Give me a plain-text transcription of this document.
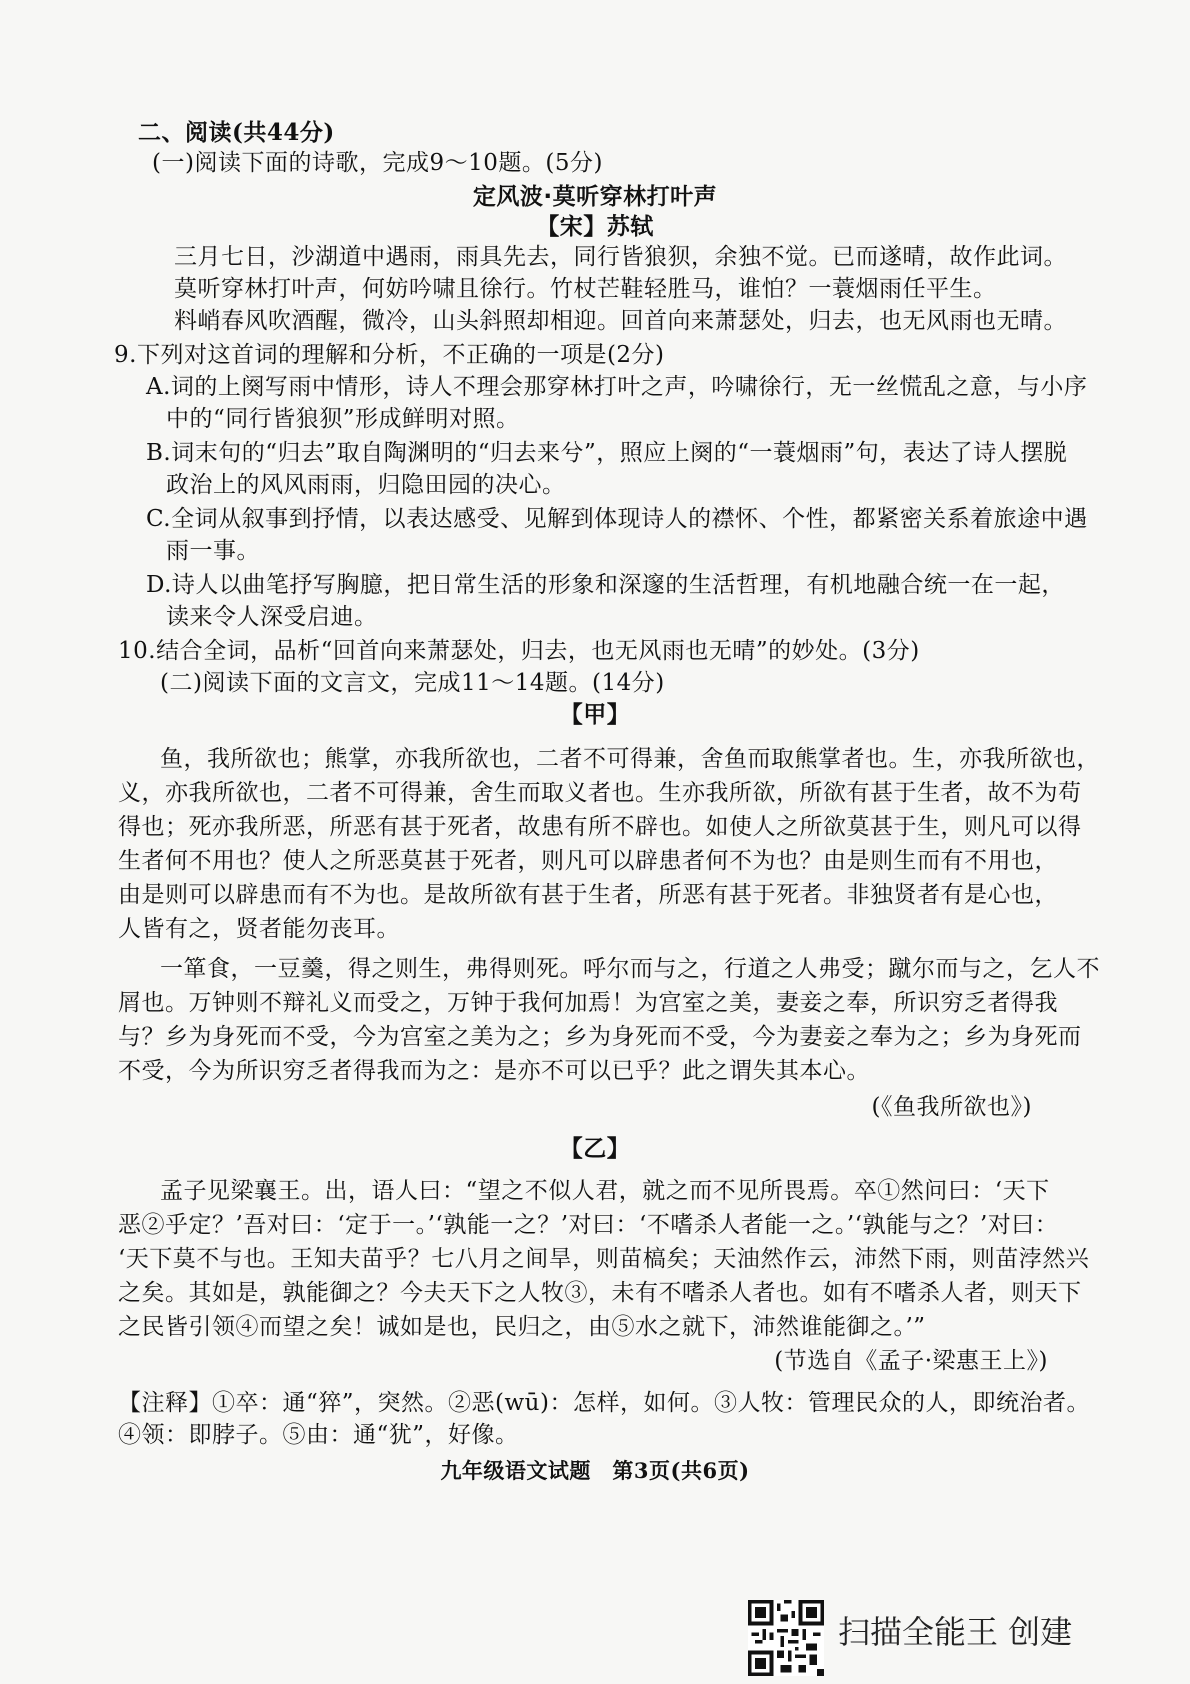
二、阅读(共44分)
(一)阅读下面的诗歌，完成9～10题。(5分)
定风波·莫听穿林打叶声
【宋】苏轼
三月七日，沙湖道中遇雨，雨具先去，同行皆狼狈，余独不觉。已而遂晴，故作此词。
莫听穿林打叶声，何妨吟啸且徐行。竹杖芒鞋轻胜马，谁怕？一蓑烟雨任平生。
料峭春风吹酒醒，微冷，山头斜照却相迎。回首向来萧瑟处，归去，也无风雨也无晴。
9.下列对这首词的理解和分析，不正确的一项是(2分)
A.词的上阕写雨中情形，诗人不理会那穿林打叶之声，吟啸徐行，无一丝慌乱之意，与小序
中的“同行皆狼狈”形成鲜明对照。
B.词末句的“归去”取自陶渊明的“归去来兮”，照应上阕的“一蓑烟雨”句，表达了诗人摆脱
政治上的风风雨雨，归隐田园的决心。
C.全词从叙事到抒情，以表达感受、见解到体现诗人的襟怀、个性，都紧密关系着旅途中遇
雨一事。
D.诗人以曲笔抒写胸臆，把日常生活的形象和深邃的生活哲理，有机地融合统一在一起，
读来令人深受启迪。
10.结合全词，品析“回首向来萧瑟处，归去，也无风雨也无晴”的妙处。(3分)
(二)阅读下面的文言文，完成11～14题。(14分)
【甲】
鱼，我所欲也；熊掌，亦我所欲也，二者不可得兼，舍鱼而取熊掌者也。生，亦我所欲也，
义，亦我所欲也，二者不可得兼，舍生而取义者也。生亦我所欲，所欲有甚于生者，故不为苟
得也；死亦我所恶，所恶有甚于死者，故患有所不辟也。如使人之所欲莫甚于生，则凡可以得
生者何不用也？使人之所恶莫甚于死者，则凡可以辟患者何不为也？由是则生而有不用也，
由是则可以辟患而有不为也。是故所欲有甚于生者，所恶有甚于死者。非独贤者有是心也，
人皆有之，贤者能勿丧耳。
一箪食，一豆羹，得之则生，弗得则死。呼尔而与之，行道之人弗受；蹴尔而与之，乞人不
屑也。万钟则不辩礼义而受之，万钟于我何加焉！为宫室之美，妻妾之奉，所识穷乏者得我
与？乡为身死而不受，今为宫室之美为之；乡为身死而不受，今为妻妾之奉为之；乡为身死而
不受，今为所识穷乏者得我而为之：是亦不可以已乎？此之谓失其本心。
(《鱼我所欲也》)
【乙】
孟子见梁襄王。出，语人曰：“望之不似人君，就之而不见所畏焉。卒①然问曰：‘天下
恶②乎定？’吾对曰：‘定于一。’‘孰能一之？’对曰：‘不嗜杀人者能一之。’‘孰能与之？’对曰：
‘天下莫不与也。王知夫苗乎？七八月之间旱，则苗槁矣；天油然作云，沛然下雨，则苗浡然兴
之矣。其如是，孰能御之？今夫天下之人牧③，未有不嗜杀人者也。如有不嗜杀人者，则天下
之民皆引领④而望之矣！诚如是也，民归之，由⑤水之就下，沛然谁能御之。’”
(节选自《孟子·梁惠王上》)
【注释】①卒：通“猝”，突然。②恶(wū)：怎样，如何。③人牧：管理民众的人，即统治者。
④领：即脖子。⑤由：通“犹”，好像。
九年级语文试题　第3页(共6页)
扫描全能王 创建
